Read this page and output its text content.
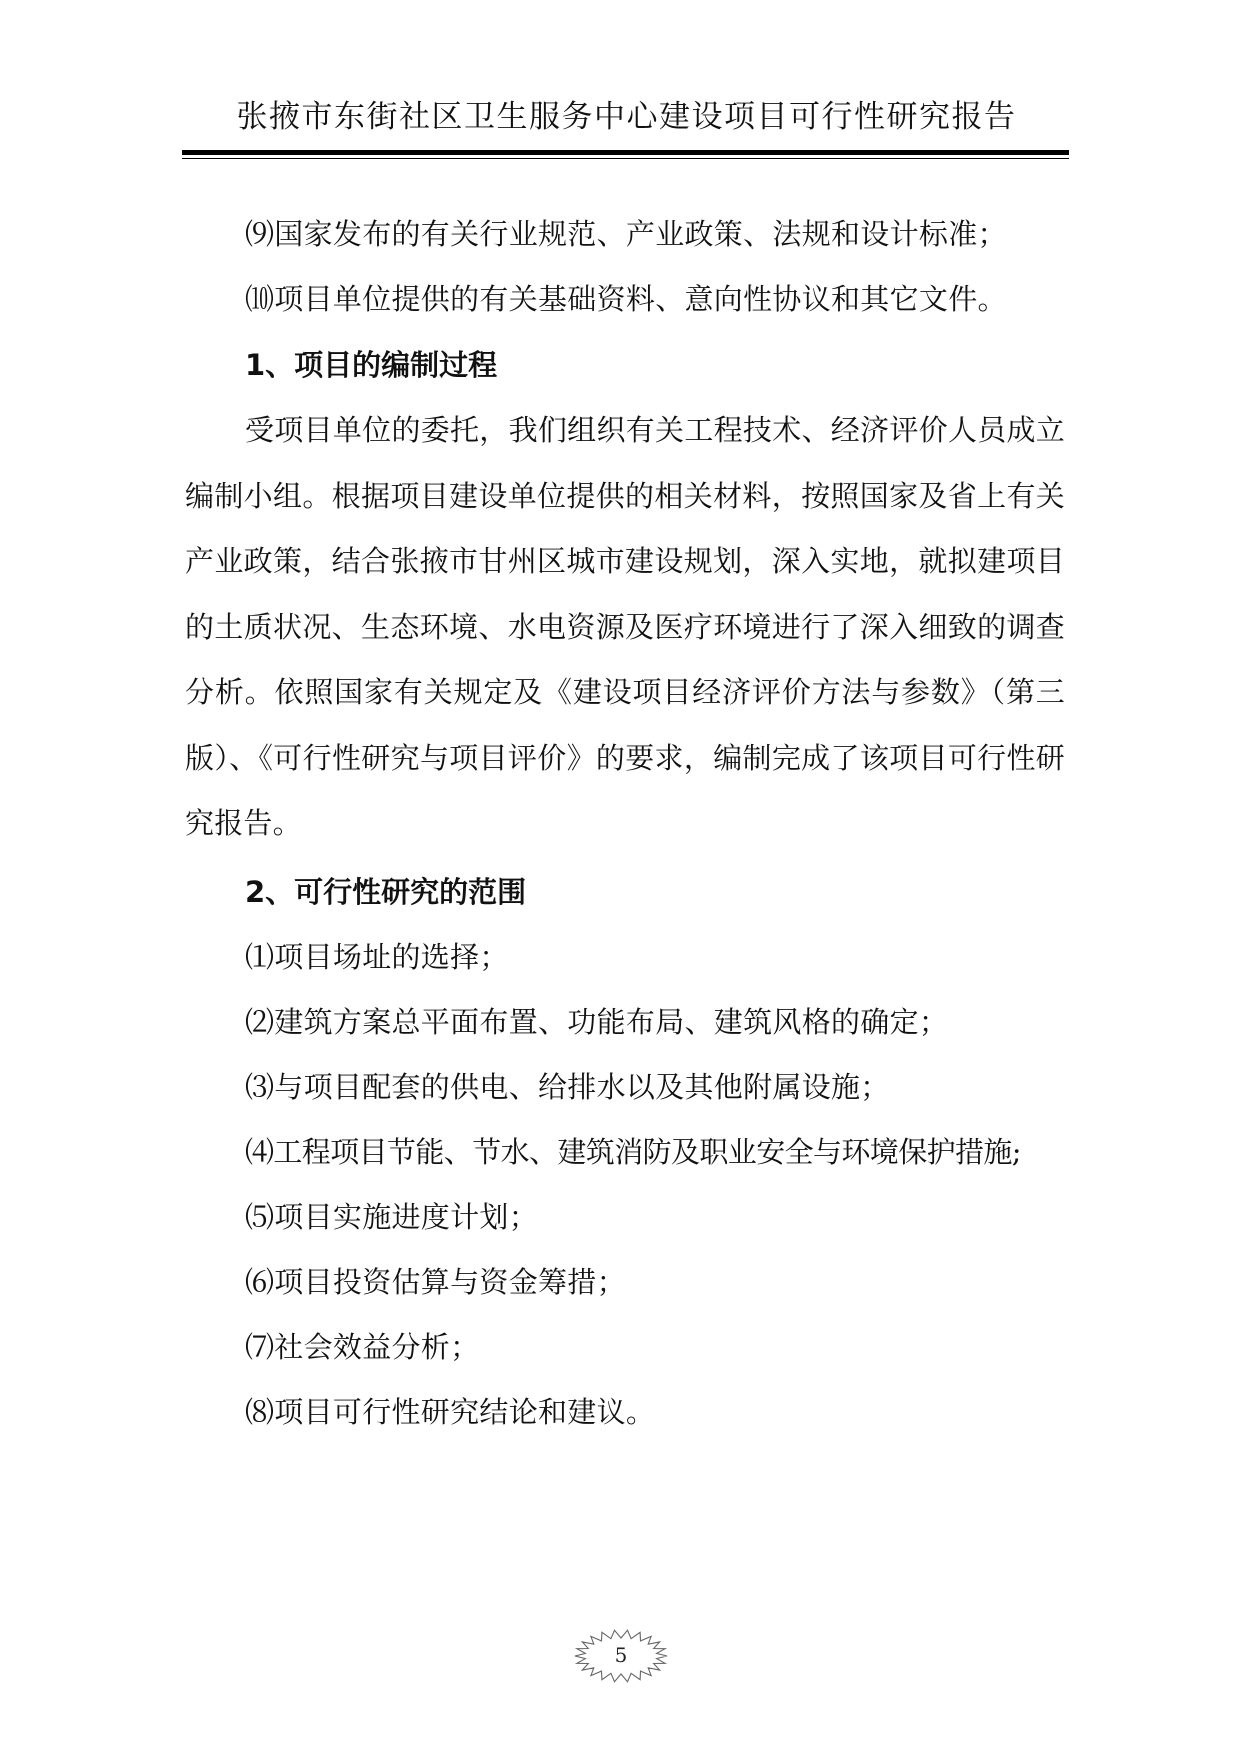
张掖市东街社区卫生服务中心建设项目可行性研究报告
⑼国家发布的有关行业规范、产业政策、法规和设计标准；
⑽项目单位提供的有关基础资料、意向性协议和其它文件。
1、项目的编制过程

受项目单位的委托，我们组织有关工程技术、经济评价人员成立编制小组。根据项目建设单位提供的相关材料，按照国家及省上有关产业政策，结合张掖市甘州区城市建设规划，深入实地，就拟建项目的土质状况、生态环境、水电资源及医疗环境进行了深入细致的调查分析。依照国家有关规定及《建设项目经济评价方法与参数》（第三版）、《可行性研究与项目评价》的要求，编制完成了该项目可行性研究报告。

2、可行性研究的范围
⑴项目场址的选择；
⑵建筑方案总平面布置、功能布局、建筑风格的确定；
⑶与项目配套的供电、给排水以及其他附属设施；
⑷工程项目节能、节水、建筑消防及职业安全与环境保护措施;
⑸项目实施进度计划；
⑹项目投资估算与资金筹措；
⑺社会效益分析；
⑻项目可行性研究结论和建议。
5
